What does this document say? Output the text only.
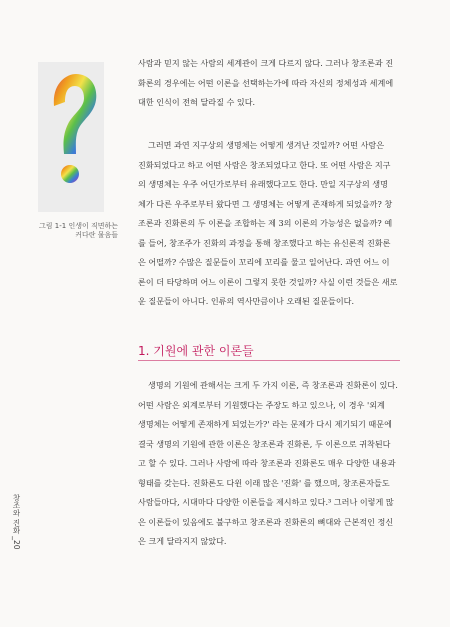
그림 1-1 인생이 직면하는
커다란 물음들
사람과 믿지 않는 사람의 세계관이 크게 다르지 않다. 그러나 창조론과 진
화론의 경우에는 어떤 이론을 선택하는가에 따라 자신의 정체성과 세계에
대한 인식이 전혀 달라질 수 있다.
그러면 과연 지구상의 생명체는 어떻게 생겨난 것일까? 어떤 사람은
진화되었다고 하고 어떤 사람은 창조되었다고 한다. 또 어떤 사람은 지구
의 생명체는 우주 어딘가로부터 유래했다고도 한다. 만일 지구상의 생명
체가 다른 우주로부터 왔다면 그 생명체는 어떻게 존재하게 되었을까? 창
조론과 진화론의 두 이론을 조합하는 제 3의 이론의 가능성은 없을까? 예
를 들어, 창조주가 진화의 과정을 통해 창조했다고 하는 유신론적 진화론
은 어떨까? 수많은 질문들이 꼬리에 꼬리를 물고 일어난다. 과연 어느 이
론이 더 타당하며 어느 이론이 그렇지 못한 것일까? 사실 이런 것들은 새로
운 질문들이 아니다. 인류의 역사만큼이나 오래된 질문들이다.
1. 기원에 관한 이론들
생명의 기원에 관해서는 크게 두 가지 이론, 즉 창조론과 진화론이 있다.
어떤 사람은 외계로부터 기원했다는 주장도 하고 있으나, 이 경우 '외계
생명체는 어떻게 존재하게 되었는가?' 라는 문제가 다시 제기되기 때문에
결국 생명의 기원에 관한 이론은 창조론과 진화론, 두 이론으로 귀착된다
고 할 수 있다. 그러나 사람에 따라 창조론과 진화론도 매우 다양한 내용과
형태를 갖는다. 진화론도 다윈 이래 많은 '진화' 를 했으며, 창조론자들도
사람들마다, 시대마다 다양한 이론들을 제시하고 있다.³ 그러나 이렇게 많
은 이론들이 있음에도 불구하고 창조론과 진화론의 뼈대와 근본적인 정신
은 크게 달라지지 않았다.
창조와 진화 _20
